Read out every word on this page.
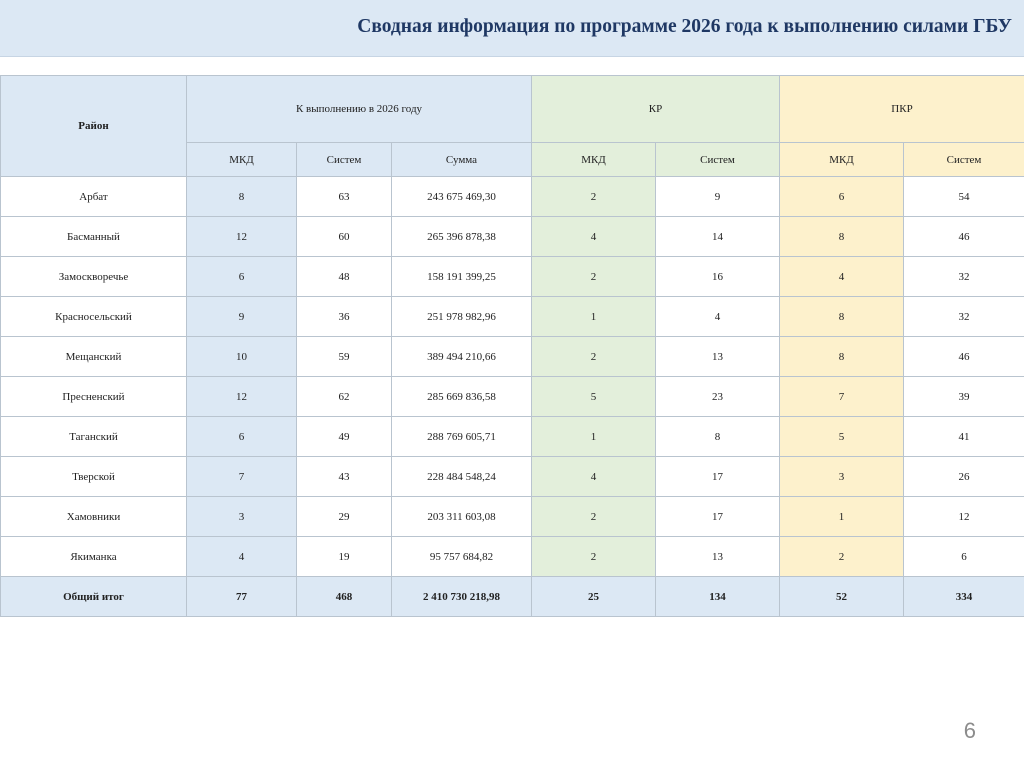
Сводная информация по программе 2026 года к выполнению силами ГБУ
Район	К выполнению в 2026 году			КР		ПКР	
	МКД	Систем	Сумма	МКД	Систем	МКД	Систем
Арбат	8	63	243 675 469,30	2	9	6	54
Басманный	12	60	265 396 878,38	4	14	8	46
Замоскворечье	6	48	158 191 399,25	2	16	4	32
Красносельский	9	36	251 978 982,96	1	4	8	32
Мещанский	10	59	389 494 210,66	2	13	8	46
Пресненский	12	62	285 669 836,58	5	23	7	39
Таганский	6	49	288 769 605,71	1	8	5	41
Тверской	7	43	228 484 548,24	4	17	3	26
Хамовники	3	29	203 311 603,08	2	17	1	12
Якиманка	4	19	95 757 684,82	2	13	2	6
Общий итог	77	468	2 410 730 218,98	25	134	52	334
6
